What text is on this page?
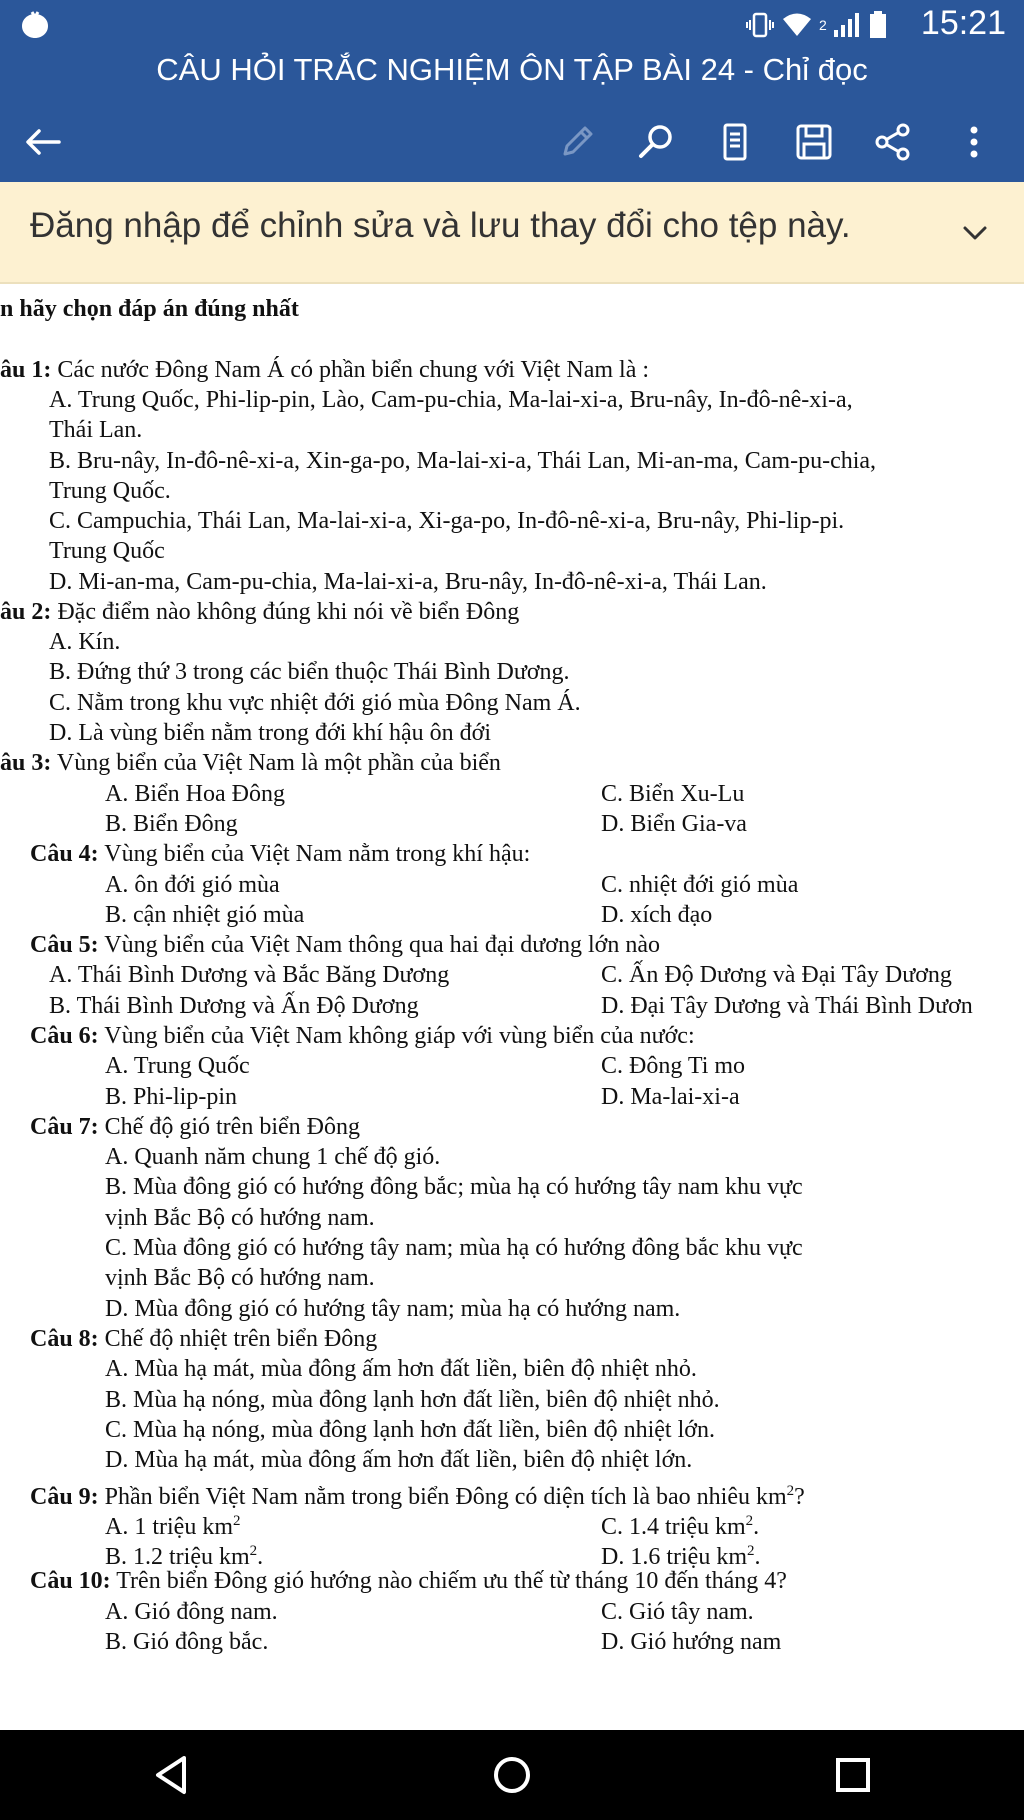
2	15:21
CÂU HỎI TRẮC NGHIỆM ÔN TẬP BÀI 24 - Chỉ đọc
Đăng nhập để chỉnh sửa và lưu thay đổi cho tệp này.
n hãy chọn đáp án đúng nhất
âu 1: Các nước Đông Nam Á có phần biển chung với Việt Nam là :
A. Trung Quốc, Phi-lip-pin, Lào, Cam-pu-chia, Ma-lai-xi-a, Bru-nây, In-đô-nê-xi-a,
Thái Lan.
B. Bru-nây, In-đô-nê-xi-a, Xin-ga-po, Ma-lai-xi-a, Thái Lan, Mi-an-ma, Cam-pu-chia,
Trung Quốc.
C. Campuchia, Thái Lan, Ma-lai-xi-a, Xi-ga-po, In-đô-nê-xi-a, Bru-nây, Phi-lip-pi.
Trung Quốc
D. Mi-an-ma, Cam-pu-chia, Ma-lai-xi-a, Bru-nây, In-đô-nê-xi-a, Thái Lan.
âu 2: Đặc điểm nào không đúng khi nói về biển Đông
A. Kín.
B. Đứng thứ 3 trong các biển thuộc Thái Bình Dương.
C. Nằm trong khu vực nhiệt đới gió mùa Đông Nam Á.
D. Là vùng biển nằm trong đới khí hậu ôn đới
âu 3: Vùng biển của Việt Nam là một phần của biển
A. Biển Hoa Đông	C. Biển Xu-Lu
B. Biển Đông	D. Biển Gia-va
Câu 4: Vùng biển của Việt Nam nằm trong khí hậu:
A. ôn đới gió mùa	C. nhiệt đới gió mùa
B. cận nhiệt gió mùa	D. xích đạo
Câu 5: Vùng biển của Việt Nam thông qua hai đại dương lớn nào
A. Thái Bình Dương và Bắc Băng Dương	C. Ấn Độ Dương và Đại Tây Dương
B. Thái Bình Dương và Ấn Độ Dương	D. Đại Tây Dương và Thái Bình Dươn
Câu 6: Vùng biển của Việt Nam không giáp với vùng biển của nước:
A. Trung Quốc	C. Đông Ti mo
B. Phi-lip-pin	D. Ma-lai-xi-a
Câu 7: Chế độ gió trên biển Đông
A. Quanh năm chung 1 chế độ gió.
B. Mùa đông gió có hướng đông bắc; mùa hạ có hướng tây nam khu vực
vịnh Bắc Bộ có hướng nam.
C. Mùa đông gió có hướng tây nam; mùa hạ có hướng đông bắc khu vực
vịnh Bắc Bộ có hướng nam.
D. Mùa đông gió có hướng tây nam; mùa hạ có hướng nam.
Câu 8: Chế độ nhiệt trên biển Đông
A. Mùa hạ mát, mùa đông ấm hơn đất liền, biên độ nhiệt nhỏ.
B. Mùa hạ nóng, mùa đông lạnh hơn đất liền, biên độ nhiệt nhỏ.
C. Mùa hạ nóng, mùa đông lạnh hơn đất liền, biên độ nhiệt lớn.
D. Mùa hạ mát, mùa đông ấm hơn đất liền, biên độ nhiệt lớn.
Câu 9: Phần biển Việt Nam nằm trong biển Đông có diện tích là bao nhiêu $km^2$?
A. 1 triệu $km^2$	C. 1.4 triệu $km^2$.
B. 1.2 triệu $km^2$.	D. 1.6 triệu $km^2$.
Câu 10: Trên biển Đông gió hướng nào chiếm ưu thế từ tháng 10 đến tháng 4?
A. Gió đông nam.	C. Gió tây nam.
B. Gió đông bắc.	D. Gió hướng nam
